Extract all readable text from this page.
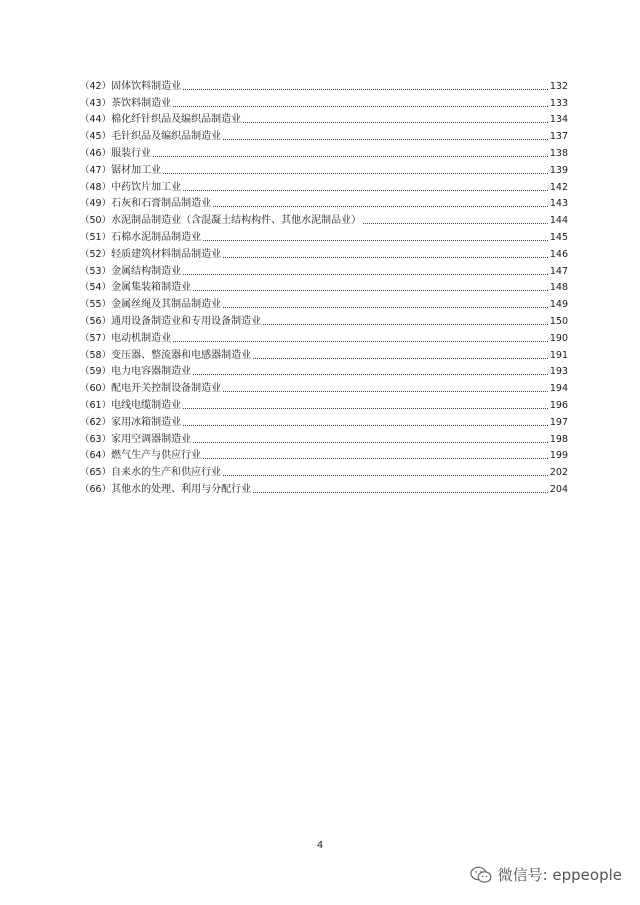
（42） 固体饮料制造业	132
（43） 茶饮料制造业	133
（44） 棉化纤针织品及编织品制造业	134
（45） 毛针织品及编织品制造业	137
（46） 服装行业	138
（47） 锯材加工业	139
（48） 中药饮片加工业	142
（49） 石灰和石膏制品制造业	143
（50） 水泥制品制造业（含混凝土结构构件、其他水泥制品业）	144
（51） 石棉水泥制品制造业	145
（52） 轻质建筑材料制品制造业	146
（53） 金属结构制造业	147
（54） 金属集装箱制造业	148
（55） 金属丝绳及其制品制造业	149
（56） 通用设备制造业和专用设备制造业	150
（57） 电动机制造业	190
（58） 变压器、整流器和电感器制造业	191
（59） 电力电容器制造业	193
（60） 配电开关控制设备制造业	194
（61） 电线电缆制造业	196
（62） 家用冰箱制造业	197
（63） 家用空调器制造业	198
（64） 燃气生产与供应行业	199
（65） 自来水的生产和供应行业	202
（66） 其他水的处理、利用与分配行业	204
4
微信号: eppeople
